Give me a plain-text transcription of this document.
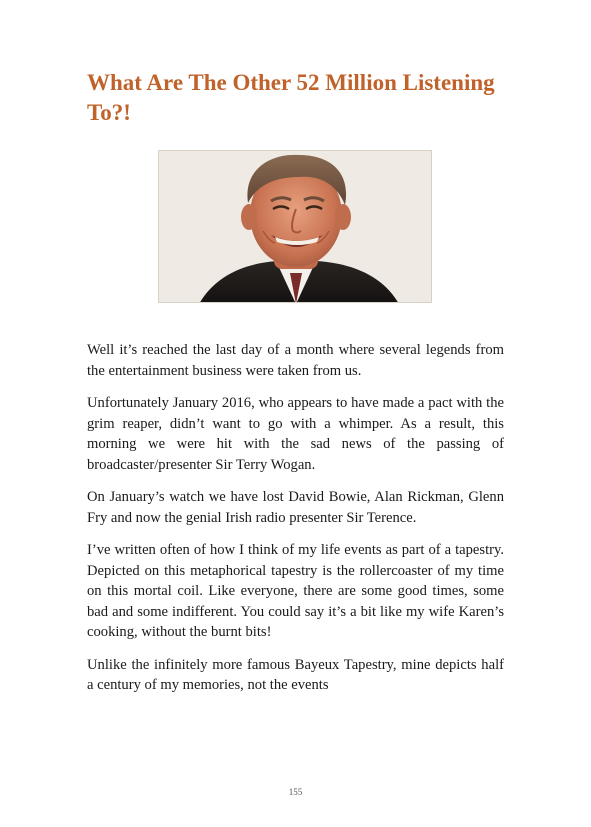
What Are The Other 52 Million Listening To?!

Well it’s reached the last day of a month where several legends from the entertainment business were taken from us.

Unfortunately January 2016, who appears to have made a pact with the grim reaper, didn’t want to go with a whimper. As a result, this morning we were hit with the sad news of the passing of broadcaster/presenter Sir Terry Wogan.

On January’s watch we have lost David Bowie, Alan Rickman, Glenn Fry and now the genial Irish radio presenter Sir Terence.

I’ve written often of how I think of my life events as part of a tapestry. Depicted on this metaphorical tapestry is the rollercoaster of my time on this mortal coil. Like everyone, there are some good times, some bad and some indifferent. You could say it’s a bit like my wife Karen’s cooking, without the burnt bits!

Unlike the infinitely more famous Bayeux Tapestry, mine depicts half a century of my memories, not the events

155
